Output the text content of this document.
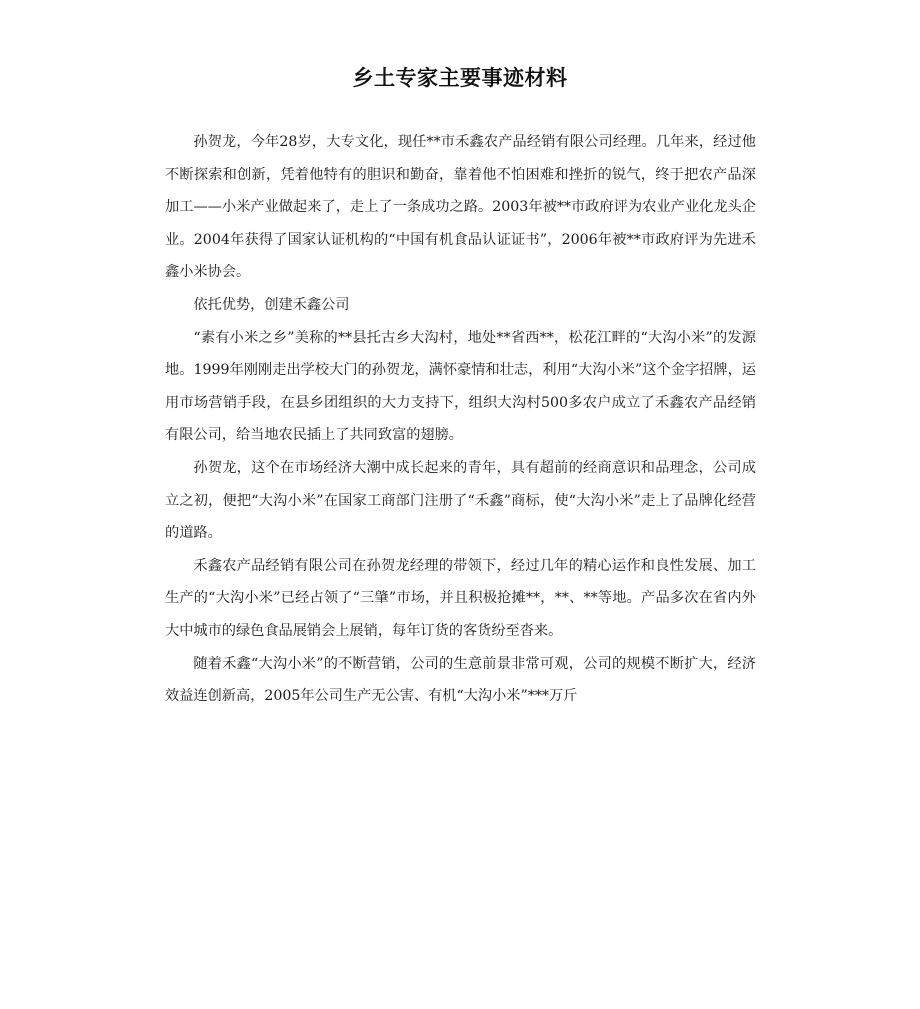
乡土专家主要事迹材料

孙贺龙，今年28岁，大专文化，现任**市禾鑫农产品经销有限公司经理。几年来，经过他不断探索和创新，凭着他特有的胆识和勤奋，靠着他不怕困难和挫折的锐气，终于把农产品深加工——小米产业做起来了，走上了一条成功之路。2003年被**市政府评为农业产业化龙头企业。2004年获得了国家认证机构的“中国有机食品认证证书”，2006年被**市政府评为先进禾鑫小米协会。

依托优势，创建禾鑫公司

“素有小米之乡”美称的**县托古乡大沟村，地处**省西**，松花江畔的“大沟小米”的发源地。1999年刚刚走出学校大门的孙贺龙，满怀豪情和壮志，利用“大沟小米”这个金字招牌，运用市场营销手段，在县乡团组织的大力支持下，组织大沟村500多农户成立了禾鑫农产品经销有限公司，给当地农民插上了共同致富的翅膀。

孙贺龙，这个在市场经济大潮中成长起来的青年，具有超前的经商意识和品理念，公司成立之初，便把“大沟小米”在国家工商部门注册了“禾鑫”商标，使“大沟小米”走上了品牌化经营的道路。

禾鑫农产品经销有限公司在孙贺龙经理的带领下，经过几年的精心运作和良性发展、加工生产的“大沟小米”已经占领了“三肇”市场，并且积极抢摊**，**、**等地。产品多次在省内外大中城市的绿色食品展销会上展销，每年订货的客货纷至沓来。

随着禾鑫“大沟小米”的不断营销，公司的生意前景非常可观，公司的规模不断扩大，经济效益连创新高，2005年公司生产无公害、有机“大沟小米”***万斤
